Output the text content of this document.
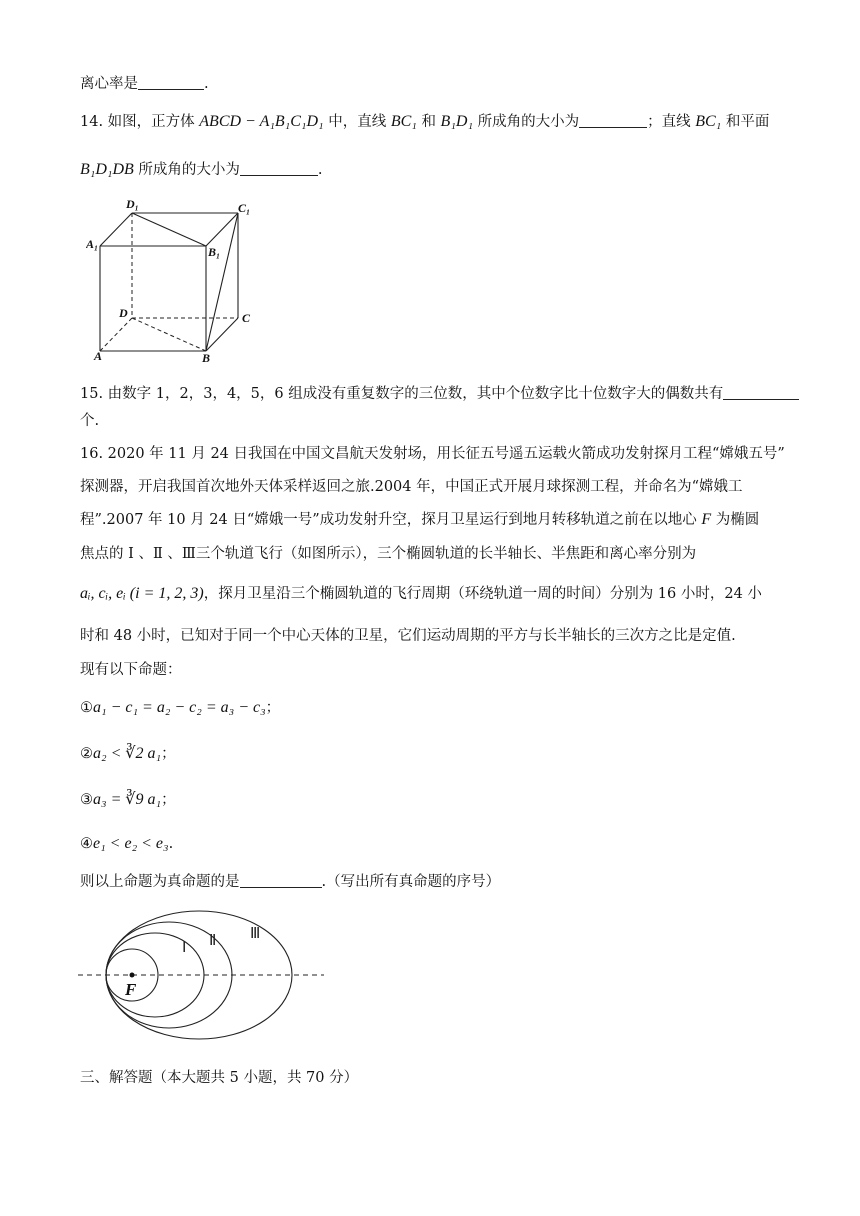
离心率是	.
14. 如图，正方体 ABCD − A₁B₁C₁D₁ 中，直线 BC₁ 和 B₁D₁ 所成角的大小为	；直线 BC₁ 和平面
B₁D₁DB 所成角的大小为	.
D₁	C₁
A₁
B₁
D	C
A	B
15. 由数字 1，2，3，4，5，6 组成没有重复数字的三位数，其中个位数字比十位数字大的偶数共有
个.
16. 2020 年 11 月 24 日我国在中国文昌航天发射场，用长征五号遥五运载火箭成功发射探月工程“嫦娥五号”
探测器，开启我国首次地外天体采样返回之旅.2004 年，中国正式开展月球探测工程，并命名为“嫦娥工
程”.2007 年 10 月 24 日“嫦娥一号”成功发射升空，探月卫星运行到地月转移轨道之前在以地心 F 为椭圆
焦点的 Ⅰ 、Ⅱ 、Ⅲ三个轨道飞行（如图所示），三个椭圆轨道的长半轴长、半焦距和离心率分别为
aᵢ, cᵢ, eᵢ (i = 1, 2, 3)，探月卫星沿三个椭圆轨道的飞行周期（环绕轨道一周的时间）分别为 16 小时，24 小
时和 48 小时，已知对于同一个中心天体的卫星，它们运动周期的平方与长半轴长的三次方之比是定值.
现有以下命题：
①a₁ − c₁ = a₂ − c₂ = a₃ − c₃；
②a₂ < ∛2 a₁；
③a₃ = ∛9 a₁；
④e₁ < e₂ < e₃.
则以上命题为真命题的是	.（写出所有真命题的序号）
F
Ⅰ Ⅱ Ⅲ
三、解答题（本大题共 5 小题，共 70 分）
